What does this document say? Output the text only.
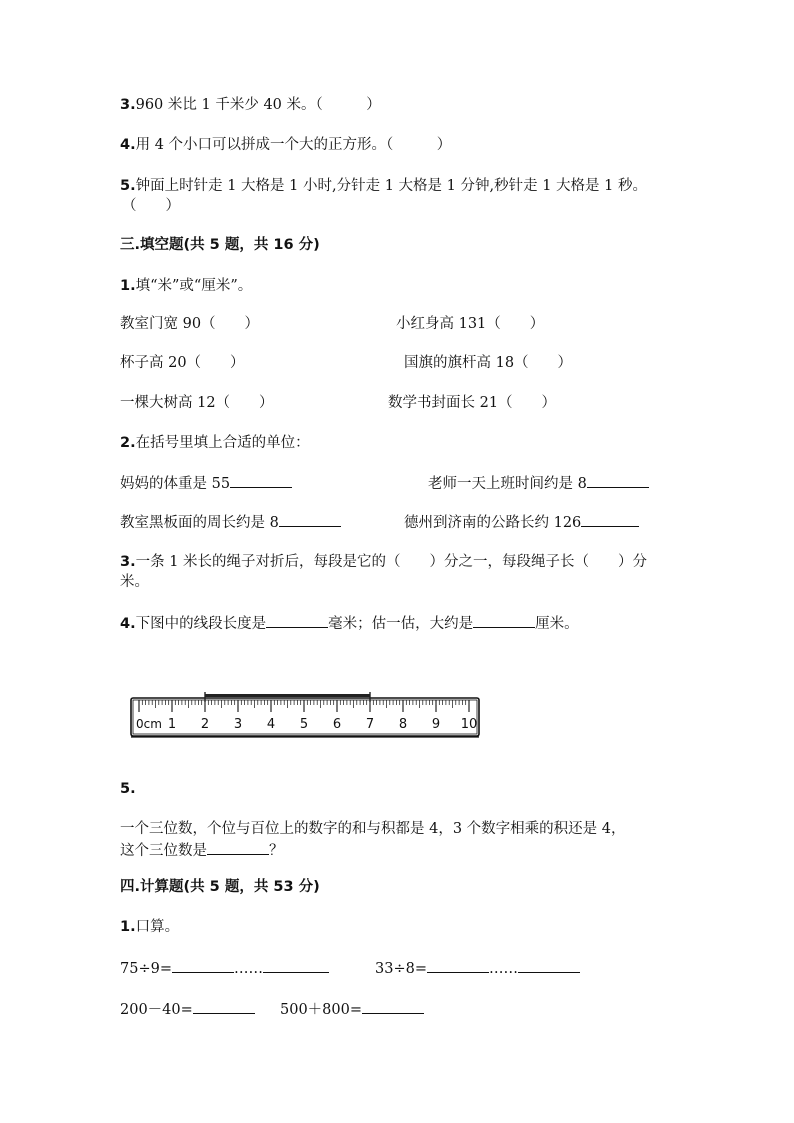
3.960 米比 1 千米少 40 米。（　　　）
4.用 4 个小口可以拼成一个大的正方形。（　　　）
5.钟面上时针走 1 大格是 1 小时,分针走 1 大格是 1 分钟,秒针走 1 大格是 1 秒。
（　　）
三.填空题(共 5 题，共 16 分)
1.填“米”或“厘米”。
教室门宽 90（　　）	小红身高 131（　　）
杯子高 20（　　）	国旗的旗杆高 18（　　）
一棵大树高 12（　　）	数学书封面长 21（　　）
2.在括号里填上合适的单位：
妈妈的体重是 55	老师一天上班时间约是 8
教室黑板面的周长约是 8	德州到济南的公路长约 126
3.一条 1 米长的绳子对折后，每段是它的（　　）分之一，每段绳子长（　　）分
米。
4.下图中的线段长度是	毫米；估一估，大约是	厘米。
1 2 3 4 5 6 7 8 9 10
0cm
5.
一个三位数，个位与百位上的数字的和与积都是 4，3 个数字相乘的积还是 4，
这个三位数是	？
四.计算题(共 5 题，共 53 分)
1.口算。
75÷9=	……	33÷8=	……
200－40=	500＋800=
